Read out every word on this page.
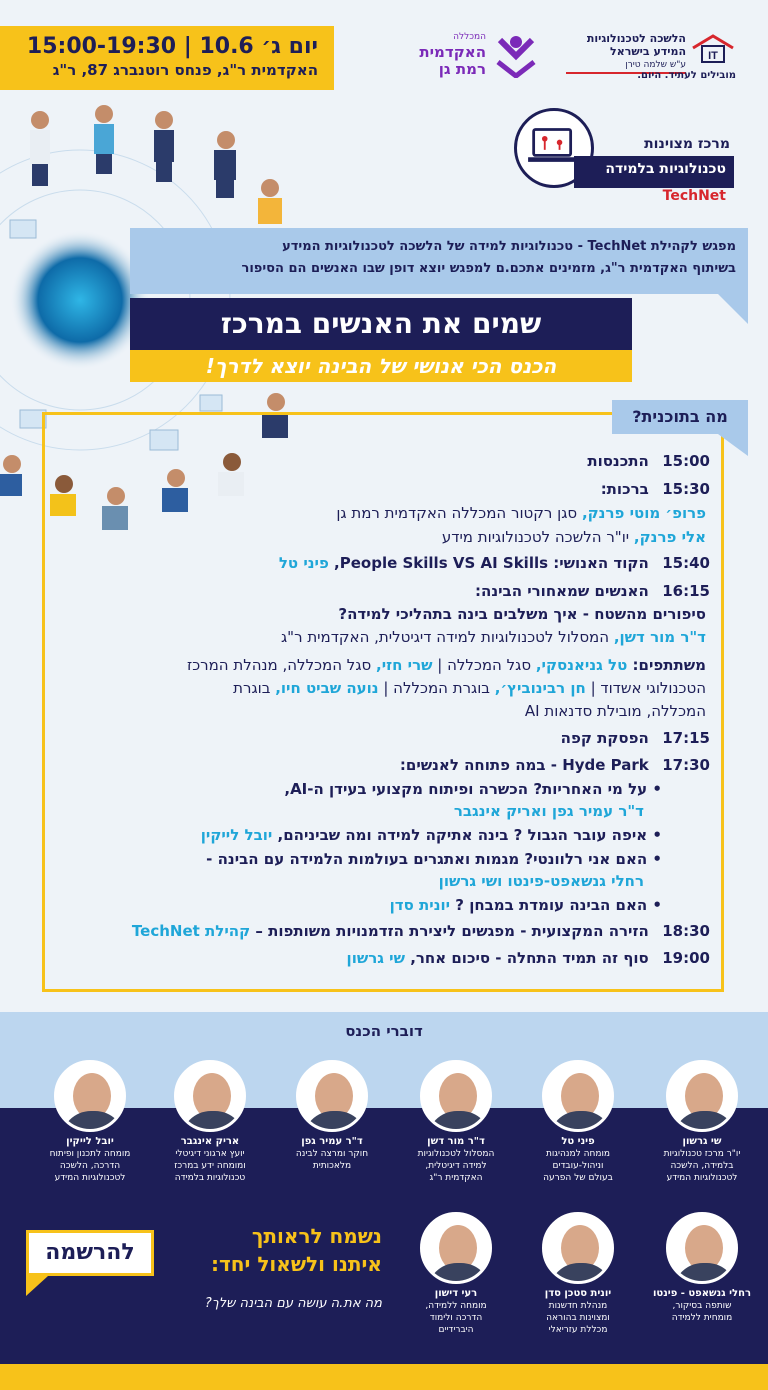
יום ג׳ 10.6 | 15:00-19:30
האקדמית ר"ג, פנחס רוטנברג 87, ר"ג
המכללה
האקדמית רמת גן
IT
הלשכה לטכנולוגיות המידע בישראל
ע"ש שלמה טירן
מובילים לעתיד. היום.
מרכז מצוינות
טכנולוגיות בלמידה
TechNet

מפגש לקהילת TechNet - טכנולוגיות למידה של הלשכה לטכנולוגיות המידע

בשיתוף האקדמית ר"ג, מזמינים אתכם.ם למפגש יוצא דופן שבו האנשים הם הסיפור

שמים את האנשים במרכז
הכנס הכי אנושי של הבינה יוצא לדרך!
מה בתוכנית?
15:00 התכנסות
15:30 ברכות:
פרופ׳ מוטי פרנק, סגן רקטור המכללה האקדמית רמת גן
אלי פרנק, יו"ר הלשכה לטכנולוגיות מידע
15:40 הקוד האנושי: People Skills VS AI Skills, פיני טל
16:15 האנשים שמאחורי הבינה:
סיפורים מהשטח - איך משלבים בינה בתהליכי למידה?
ד"ר מור דשן, המסלול לטכנולוגיות למידה דיגיטלית, האקדמית ר"ג
משתתפים: טל גניאנסקי, סגל המכללה | שרי חזי, סגל המכללה, מנהלת המרכז
הטכנולוגי אשדוד | חן רבינוביץ׳, בוגרת המכללה | נועה שביט חיו, בוגרת
המכללה, מובילת סדנאות AI
17:15 הפסקת קפה
17:30 Hyde Park - במה פתוחה לאנשים:
• על מי האחריות? הכשרה ופיתוח מקצועי בעידן ה-AI,
ד"ר עמיר גפן ואריק אינגבר
• איפה עובר הגבול ? בינה אתיקה למידה ומה שביניהם, יובל לייקין
• האם אני רלוונטי? מגמות ואתגרים בעולמות הלמידה עם הבינה -
רחלי גנשאפט-פינטו ושי גרשון
• האם הבינה עומדת במבחן ? יונית סדן
18:30 הזירה המקצועית - מפגשים ליצירת הזדמנויות משותפות – קהילת TechNet
19:00 סוף זה תמיד התחלה - סיכום אחר, שי גרשון
דוברי הכנס
שי גרשון
יו"ר מרכז טכנולוגיות
בלמידה, הלשכה
לטכנולוגיות המידע
פיני טל
מומחה למנהיגות
וניהול-עובדים
בעולם של הפרעה
ד"ר מור דשן
המסלול לטכנולוגיות
למידה דיגיטלית,
האקדמית ר"ג
ד"ר עמיר גפן
חוקר ומרצה לבינה
מלאכותית
אריק אינגבר
יועץ ארגוני דיגיטלי
ומומחה ידע במרכז
טכנולוגיות בלמידה
יובל לייקין
מומחה לתכנון ופיתוח
הדרכה, הלשכה
לטכנולוגיות המידע
רחלי גנשאפט - פינטו
שותפה בסיקור,
מומחית ללמידה
יונית סטכן סדן
מנהלת חדשנות
ומצוינות בהוראה
מכללת עזריאלי
רעי דישון
מומחה ללמידה,
הדרכה ולימוד
היברידיים
נשמח לראותך
איתנו ולשאול יחד:
מה את.ה עושה עם הבינה שלך?
להרשמה
